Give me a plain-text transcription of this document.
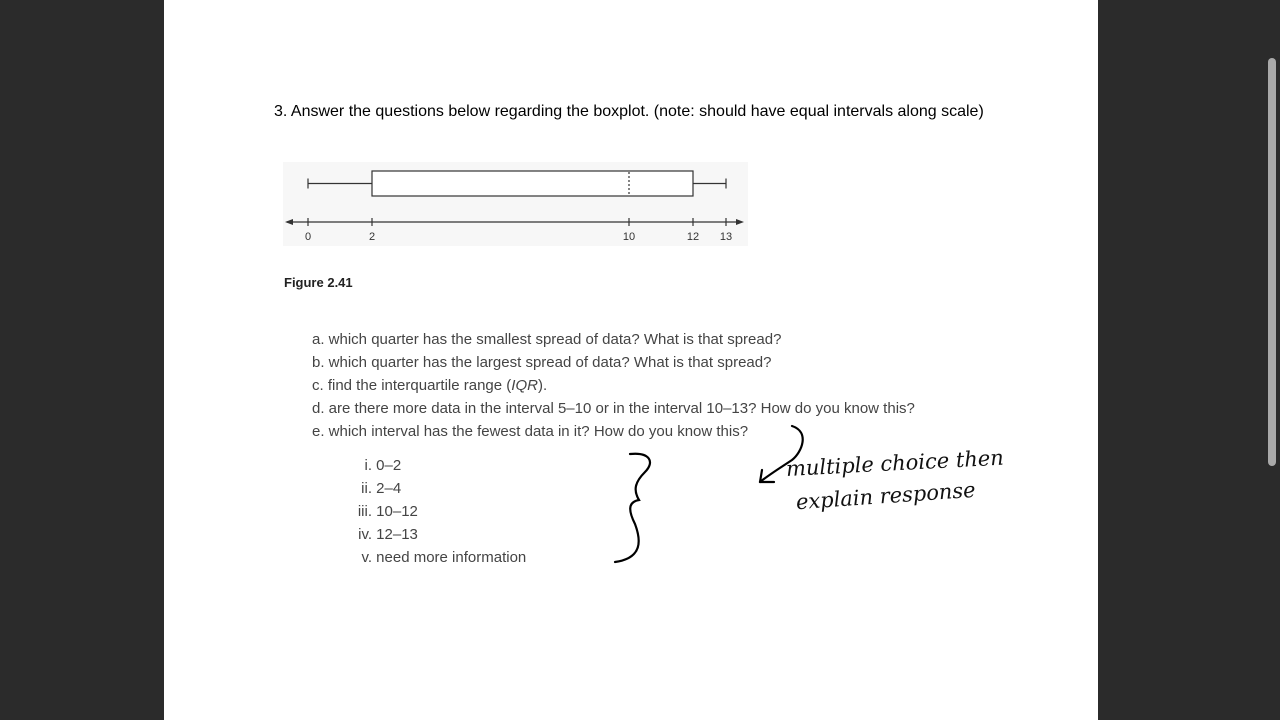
3. Answer the questions below regarding the boxplot. (note: should have equal intervals along scale)
0	2	10	12 13
Figure 2.41
a. which quarter has the smallest spread of data? What is that spread?
b. which quarter has the largest spread of data? What is that spread?
c. find the interquartile range (IQR).
d. are there more data in the interval 5–10 or in the interval 10–13? How do you know this?
e. which interval has the fewest data in it? How do you know this?
i. 0–2
ii. 2–4
iii. 10–12
iv. 12–13
v. need more information
multiple choice then
explain response
